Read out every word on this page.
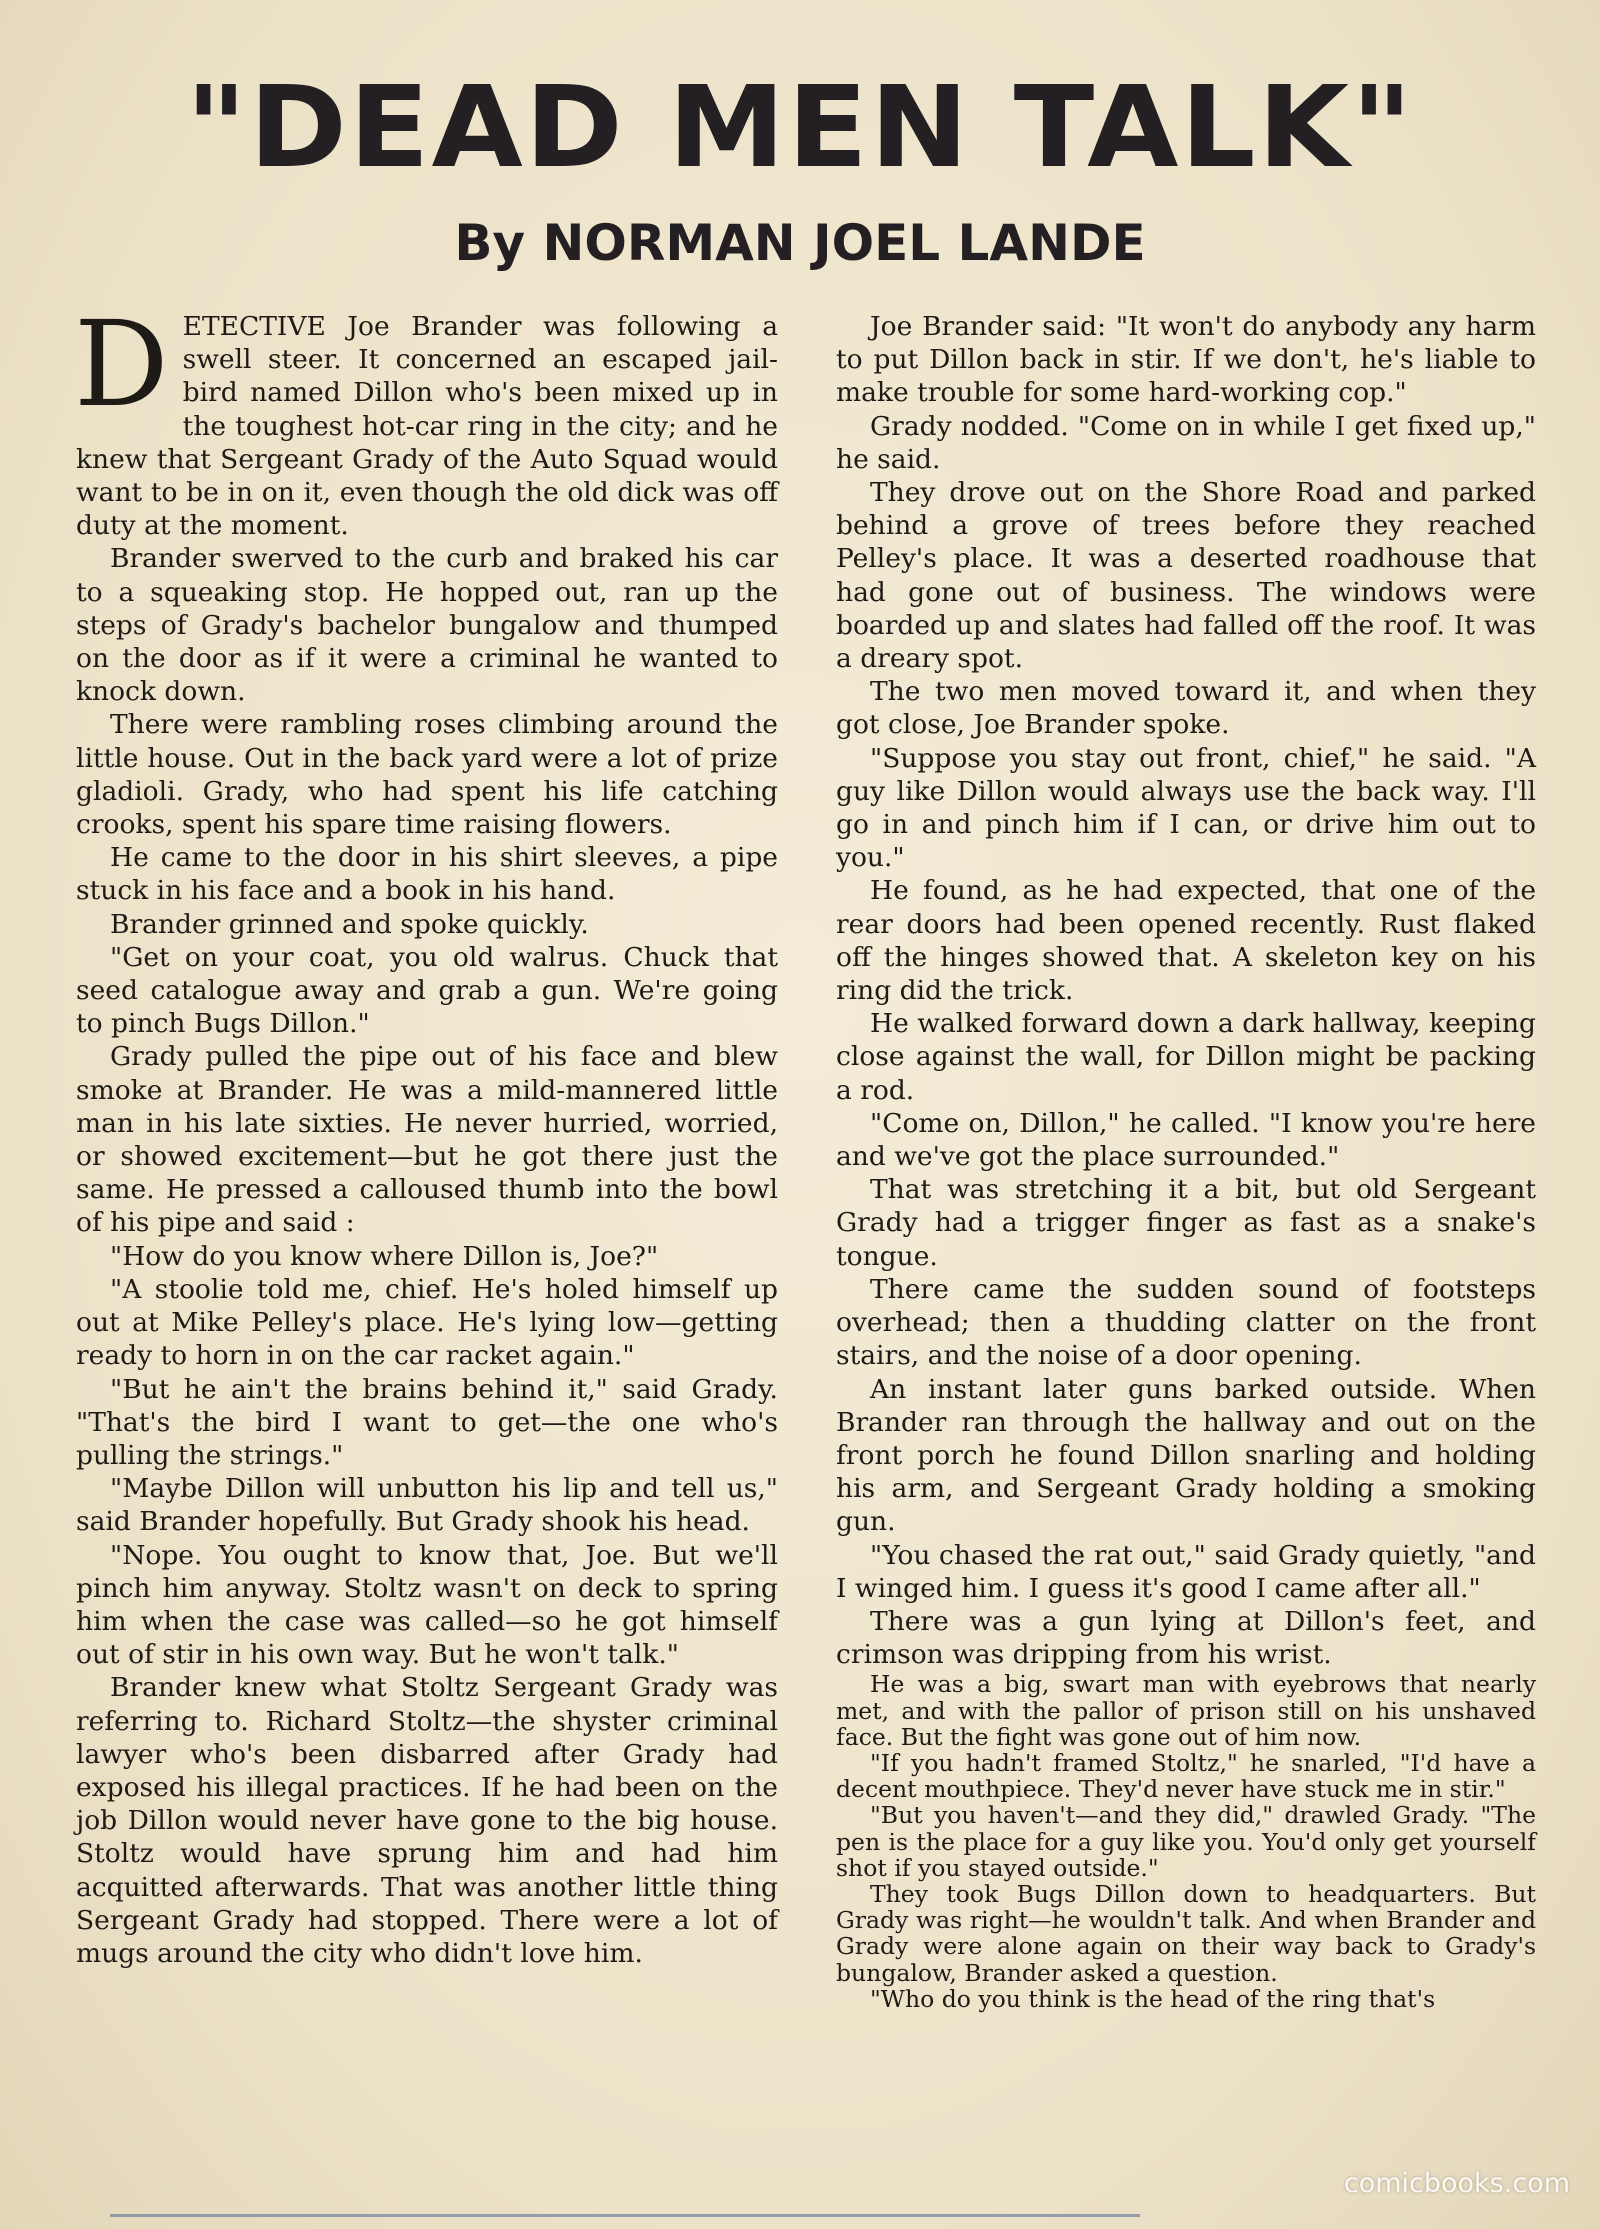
"DEAD MEN TALK"
By NORMAN JOEL LANDE

DETECTIVE Joe Brander was following a swell steer. It concerned an escaped jail-bird named Dillon who's been mixed up in the toughest hot-car ring in the city; and he knew that Sergeant Grady of the Auto Squad would want to be in on it, even though the old dick was off duty at the moment.

Brander swerved to the curb and braked his car to a squeaking stop. He hopped out, ran up the steps of Grady's bachelor bungalow and thumped on the door as if it were a criminal he wanted to knock down.

There were rambling roses climbing around the little house. Out in the back yard were a lot of prize gladioli. Grady, who had spent his life catching crooks, spent his spare time raising flowers.

He came to the door in his shirt sleeves, a pipe stuck in his face and a book in his hand.

Brander grinned and spoke quickly.

"Get on your coat, you old walrus. Chuck that seed catalogue away and grab a gun. We're going to pinch Bugs Dillon."

Grady pulled the pipe out of his face and blew smoke at Brander. He was a mild-mannered little man in his late sixties. He never hurried, worried, or showed excitement—but he got there just the same. He pressed a calloused thumb into the bowl of his pipe and said :

"How do you know where Dillon is, Joe?"

"A stoolie told me, chief. He's holed himself up out at Mike Pelley's place. He's lying low—getting ready to horn in on the car racket again."

"But he ain't the brains behind it," said Grady. "That's the bird I want to get—the one who's pulling the strings."

"Maybe Dillon will unbutton his lip and tell us," said Brander hopefully. But Grady shook his head.

"Nope. You ought to know that, Joe. But we'll pinch him anyway. Stoltz wasn't on deck to spring him when the case was called—so he got himself out of stir in his own way. But he won't talk."

Brander knew what Stoltz Sergeant Grady was referring to. Richard Stoltz—the shyster criminal lawyer who's been disbarred after Grady had exposed his illegal practices. If he had been on the job Dillon would never have gone to the big house. Stoltz would have sprung him and had him acquitted afterwards. That was another little thing Sergeant Grady had stopped. There were a lot of mugs around the city who didn't love him.

Joe Brander said: "It won't do anybody any harm to put Dillon back in stir. If we don't, he's liable to make trouble for some hard-working cop."

Grady nodded. "Come on in while I get fixed up," he said.

They drove out on the Shore Road and parked behind a grove of trees before they reached Pelley's place. It was a deserted roadhouse that had gone out of business. The windows were boarded up and slates had falled off the roof. It was a dreary spot.

The two men moved toward it, and when they got close, Joe Brander spoke.

"Suppose you stay out front, chief," he said. "A guy like Dillon would always use the back way. I'll go in and pinch him if I can, or drive him out to you."

He found, as he had expected, that one of the rear doors had been opened recently. Rust flaked off the hinges showed that. A skeleton key on his ring did the trick.

He walked forward down a dark hallway, keeping close against the wall, for Dillon might be packing a rod.

"Come on, Dillon," he called. "I know you're here and we've got the place surrounded."

That was stretching it a bit, but old Sergeant Grady had a trigger finger as fast as a snake's tongue.

There came the sudden sound of footsteps overhead; then a thudding clatter on the front stairs, and the noise of a door opening.

An instant later guns barked outside. When Brander ran through the hallway and out on the front porch he found Dillon snarling and holding his arm, and Sergeant Grady holding a smoking gun.

"You chased the rat out," said Grady quietly, "and I winged him. I guess it's good I came after all."

There was a gun lying at Dillon's feet, and crimson was dripping from his wrist.

He was a big, swart man with eyebrows that nearly met, and with the pallor of prison still on his unshaved face. But the fight was gone out of him now.

"If you hadn't framed Stoltz," he snarled, "I'd have a decent mouthpiece. They'd never have stuck me in stir."

"But you haven't—and they did," drawled Grady. "The pen is the place for a guy like you. You'd only get yourself shot if you stayed outside."

They took Bugs Dillon down to headquarters. But Grady was right—he wouldn't talk. And when Brander and Grady were alone again on their way back to Grady's bungalow, Brander asked a question.

"Who do you think is the head of the ring that's

comicbooks.com
